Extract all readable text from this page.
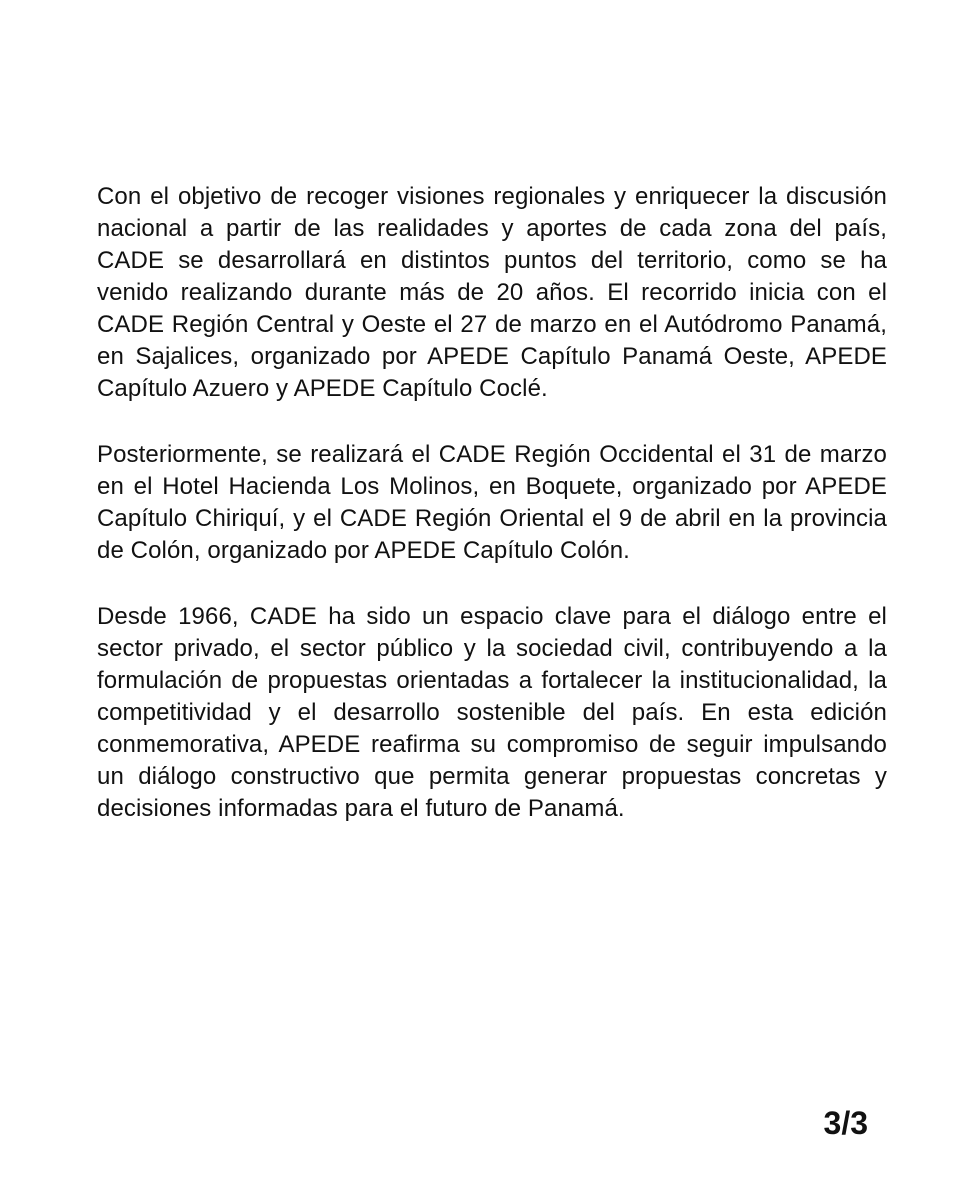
Con el objetivo de recoger visiones regionales y enriquecer la discusión nacional a partir de las realidades y aportes de cada zona del país, CADE se desarrollará en distintos puntos del territorio, como se ha venido realizando durante más de 20 años. El recorrido inicia con el CADE Región Central y Oeste el 27 de marzo en el Autódromo Panamá, en Sajalices, organizado por APEDE Capítulo Panamá Oeste, APEDE Capítulo Azuero y APEDE Capítulo Coclé.

Posteriormente, se realizará el CADE Región Occidental el 31 de marzo en el Hotel Hacienda Los Molinos, en Boquete, organizado por APEDE Capítulo Chiriquí, y el CADE Región Oriental el 9 de abril en la provincia de Colón, organizado por APEDE Capítulo Colón.

Desde 1966, CADE ha sido un espacio clave para el diálogo entre el sector privado, el sector público y la sociedad civil, contribuyendo a la formulación de propuestas orientadas a fortalecer la institucionalidad, la competitividad y el desarrollo sostenible del país. En esta edición conmemorativa, APEDE reafirma su compromiso de seguir impulsando un diálogo constructivo que permita generar propuestas concretas y decisiones informadas para el futuro de Panamá.

3/3
